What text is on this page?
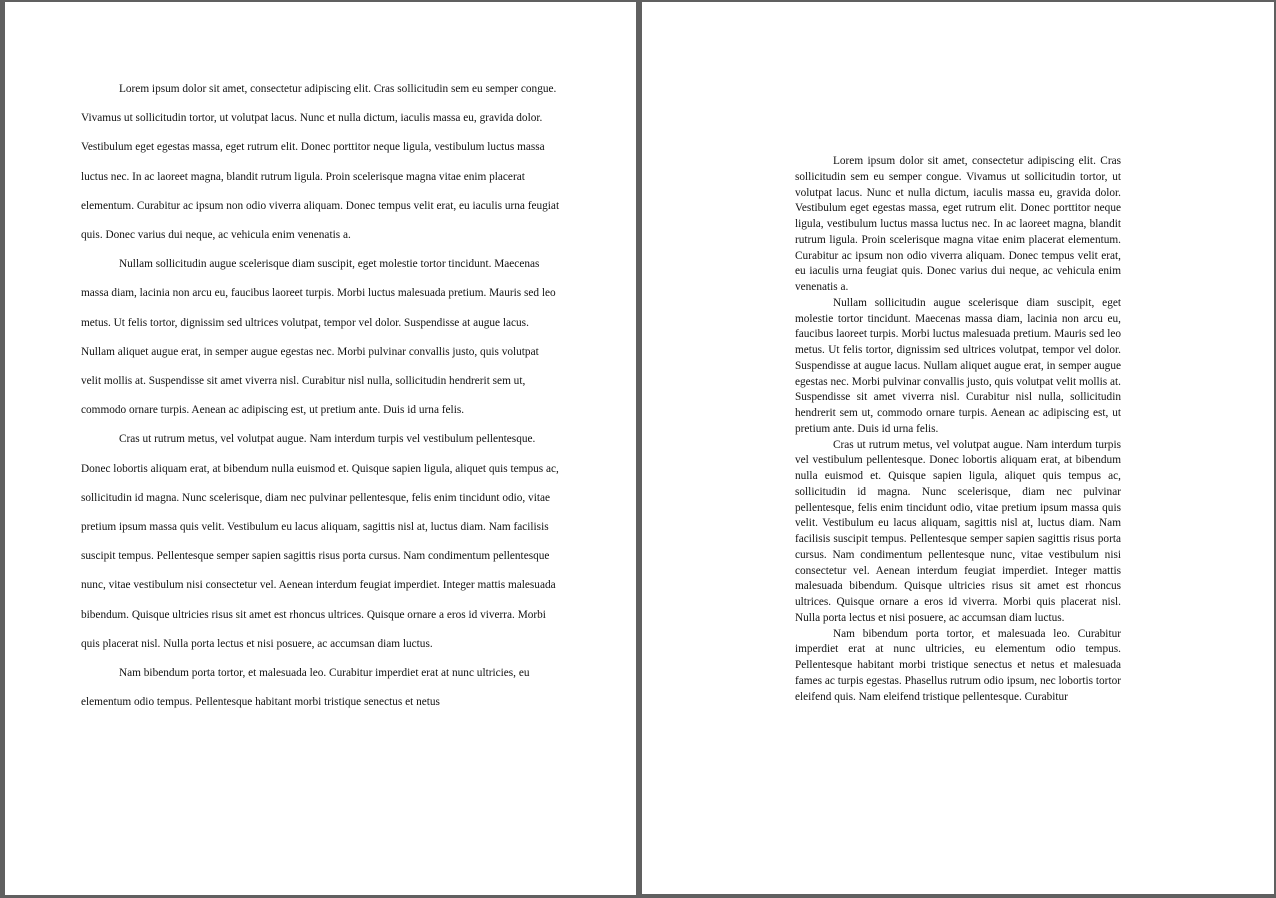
Lorem ipsum dolor sit amet, consectetur adipiscing elit. Cras sollicitudin sem eu semper congue. Vivamus ut sollicitudin tortor, ut volutpat lacus. Nunc et nulla dictum, iaculis massa eu, gravida dolor. Vestibulum eget egestas massa, eget rutrum elit. Donec porttitor neque ligula, vestibulum luctus massa luctus nec. In ac laoreet magna, blandit rutrum ligula. Proin scelerisque magna vitae enim placerat elementum. Curabitur ac ipsum non odio viverra aliquam. Donec tempus velit erat, eu iaculis urna feugiat quis. Donec varius dui neque, ac vehicula enim venenatis a.

Nullam sollicitudin augue scelerisque diam suscipit, eget molestie tortor tincidunt. Maecenas massa diam, lacinia non arcu eu, faucibus laoreet turpis. Morbi luctus malesuada pretium. Mauris sed leo metus. Ut felis tortor, dignissim sed ultrices volutpat, tempor vel dolor. Suspendisse at augue lacus. Nullam aliquet augue erat, in semper augue egestas nec. Morbi pulvinar convallis justo, quis volutpat velit mollis at. Suspendisse sit amet viverra nisl. Curabitur nisl nulla, sollicitudin hendrerit sem ut, commodo ornare turpis. Aenean ac adipiscing est, ut pretium ante. Duis id urna felis.

Cras ut rutrum metus, vel volutpat augue. Nam interdum turpis vel vestibulum pellentesque. Donec lobortis aliquam erat, at bibendum nulla euismod et. Quisque sapien ligula, aliquet quis tempus ac, sollicitudin id magna. Nunc scelerisque, diam nec pulvinar pellentesque, felis enim tincidunt odio, vitae pretium ipsum massa quis velit. Vestibulum eu lacus aliquam, sagittis nisl at, luctus diam. Nam facilisis suscipit tempus. Pellentesque semper sapien sagittis risus porta cursus. Nam condimentum pellentesque nunc, vitae vestibulum nisi consectetur vel. Aenean interdum feugiat imperdiet. Integer mattis malesuada bibendum. Quisque ultricies risus sit amet est rhoncus ultrices. Quisque ornare a eros id viverra. Morbi quis placerat nisl. Nulla porta lectus et nisi posuere, ac accumsan diam luctus.

Nam bibendum porta tortor, et malesuada leo. Curabitur imperdiet erat at nunc ultricies, eu elementum odio tempus. Pellentesque habitant morbi tristique senectus et netus

Lorem ipsum dolor sit amet, consectetur adipiscing elit. Cras sollicitudin sem eu semper congue. Vivamus ut sollicitudin tortor, ut volutpat lacus. Nunc et nulla dictum, iaculis massa eu, gravida dolor. Vestibulum eget egestas massa, eget rutrum elit. Donec porttitor neque ligula, vestibulum luctus massa luctus nec. In ac laoreet magna, blandit rutrum ligula. Proin scelerisque magna vitae enim placerat elementum. Curabitur ac ipsum non odio viverra aliquam. Donec tempus velit erat, eu iaculis urna feugiat quis. Donec varius dui neque, ac vehicula enim venenatis a.

Nullam sollicitudin augue scelerisque diam suscipit, eget molestie tortor tincidunt. Maecenas massa diam, lacinia non arcu eu, faucibus laoreet turpis. Morbi luctus malesuada pretium. Mauris sed leo metus. Ut felis tortor, dignissim sed ultrices volutpat, tempor vel dolor. Suspendisse at augue lacus. Nullam aliquet augue erat, in semper augue egestas nec. Morbi pulvinar convallis justo, quis volutpat velit mollis at. Suspendisse sit amet viverra nisl. Curabitur nisl nulla, sollicitudin hendrerit sem ut, commodo ornare turpis. Aenean ac adipiscing est, ut pretium ante. Duis id urna felis.

Cras ut rutrum metus, vel volutpat augue. Nam interdum turpis vel vestibulum pellentesque. Donec lobortis aliquam erat, at bibendum nulla euismod et. Quisque sapien ligula, aliquet quis tempus ac, sollicitudin id magna. Nunc scelerisque, diam nec pulvinar pellentesque, felis enim tincidunt odio, vitae pretium ipsum massa quis velit. Vestibulum eu lacus aliquam, sagittis nisl at, luctus diam. Nam facilisis suscipit tempus. Pellentesque semper sapien sagittis risus porta cursus. Nam condimentum pellentesque nunc, vitae vestibulum nisi consectetur vel. Aenean interdum feugiat imperdiet. Integer mattis malesuada bibendum. Quisque ultricies risus sit amet est rhoncus ultrices. Quisque ornare a eros id viverra. Morbi quis placerat nisl. Nulla porta lectus et nisi posuere, ac accumsan diam luctus.

Nam bibendum porta tortor, et malesuada leo. Curabitur imperdiet erat at nunc ultricies, eu elementum odio tempus. Pellentesque habitant morbi tristique senectus et netus et malesuada fames ac turpis egestas. Phasellus rutrum odio ipsum, nec lobortis tortor eleifend quis. Nam eleifend tristique pellentesque. Curabitur
